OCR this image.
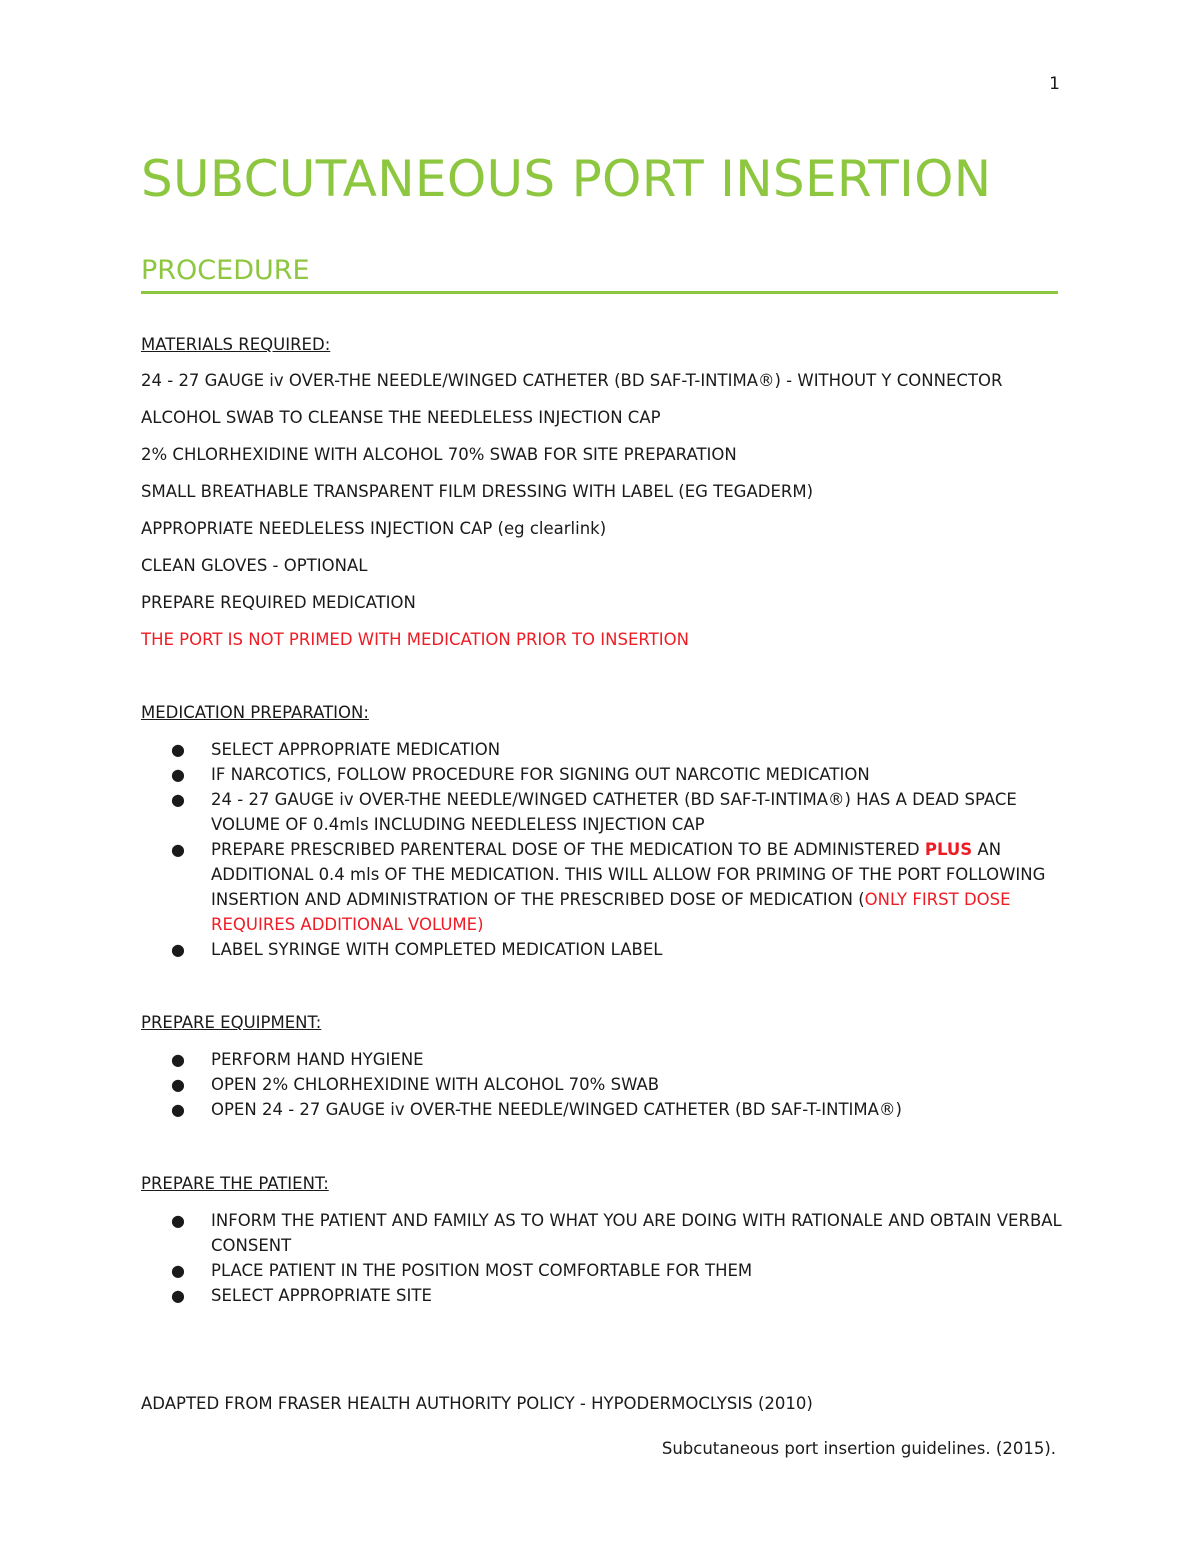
1
SUBCUTANEOUS PORT INSERTION
PROCEDURE
MATERIALS REQUIRED:
24 - 27 GAUGE iv OVER-THE NEEDLE/WINGED CATHETER (BD SAF-T-INTIMA®) - WITHOUT Y CONNECTOR
ALCOHOL SWAB TO CLEANSE THE NEEDLELESS INJECTION CAP
2% CHLORHEXIDINE WITH ALCOHOL 70% SWAB FOR SITE PREPARATION
SMALL BREATHABLE TRANSPARENT FILM DRESSING WITH LABEL (EG TEGADERM)
APPROPRIATE NEEDLELESS INJECTION CAP (eg clearlink)
CLEAN GLOVES - OPTIONAL
PREPARE REQUIRED MEDICATION
THE PORT IS NOT PRIMED WITH MEDICATION PRIOR TO INSERTION
MEDICATION PREPARATION:
● SELECT APPROPRIATE MEDICATION
● IF NARCOTICS, FOLLOW PROCEDURE FOR SIGNING OUT NARCOTIC MEDICATION
● 24 - 27 GAUGE iv OVER-THE NEEDLE/WINGED CATHETER (BD SAF-T-INTIMA®) HAS A DEAD SPACE VOLUME OF 0.4mls INCLUDING NEEDLELESS INJECTION CAP
● PREPARE PRESCRIBED PARENTERAL DOSE OF THE MEDICATION TO BE ADMINISTERED PLUS AN ADDITIONAL 0.4 mls OF THE MEDICATION. THIS WILL ALLOW FOR PRIMING OF THE PORT FOLLOWING INSERTION AND ADMINISTRATION OF THE PRESCRIBED DOSE OF MEDICATION (ONLY FIRST DOSE REQUIRES ADDITIONAL VOLUME)
● LABEL SYRINGE WITH COMPLETED MEDICATION LABEL
PREPARE EQUIPMENT:
● PERFORM HAND HYGIENE
● OPEN 2% CHLORHEXIDINE WITH ALCOHOL 70% SWAB
● OPEN 24 - 27 GAUGE iv OVER-THE NEEDLE/WINGED CATHETER (BD SAF-T-INTIMA®)
PREPARE THE PATIENT:
● INFORM THE PATIENT AND FAMILY AS TO WHAT YOU ARE DOING WITH RATIONALE AND OBTAIN VERBAL CONSENT
● PLACE PATIENT IN THE POSITION MOST COMFORTABLE FOR THEM
● SELECT APPROPRIATE SITE
ADAPTED FROM FRASER HEALTH AUTHORITY POLICY - HYPODERMOCLYSIS (2010)
Subcutaneous port insertion guidelines. (2015).
